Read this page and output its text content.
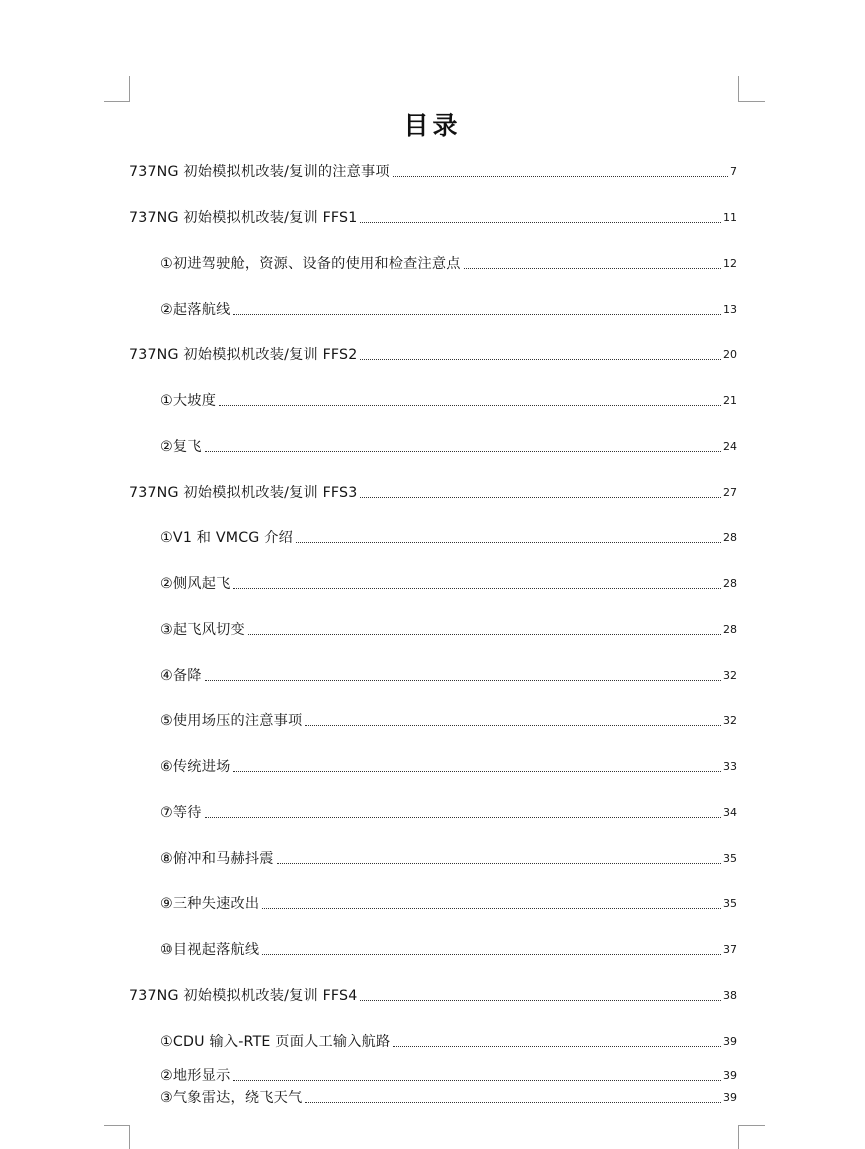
目录
737NG 初始模拟机改装/复训的注意事项	7
737NG 初始模拟机改装/复训 FFS1	11
①初进驾驶舱，资源、设备的使用和检查注意点	12
②起落航线	13
737NG 初始模拟机改装/复训 FFS2	20
①大坡度	21
②复飞	24
737NG 初始模拟机改装/复训 FFS3	27
①V1 和 VMCG 介绍	28
②侧风起飞	28
③起飞风切变	28
④备降	32
⑤使用场压的注意事项	32
⑥传统进场	33
⑦等待	34
⑧俯冲和马赫抖震	35
⑨三种失速改出	35
⑩目视起落航线	37
737NG 初始模拟机改装/复训 FFS4	38
①CDU 输入-RTE 页面人工输入航路	39
②地形显示	39
③气象雷达，绕飞天气	39
